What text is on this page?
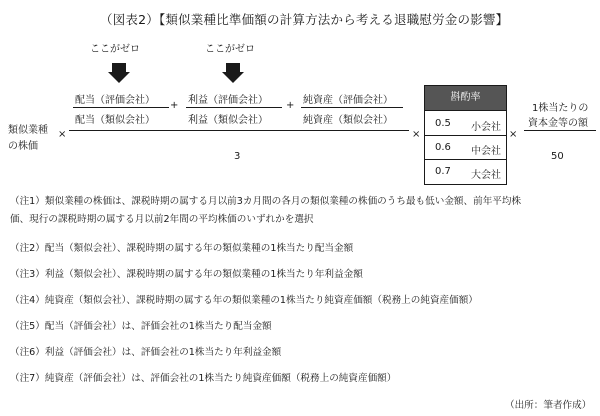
（図表2）【類似業種比準価額の計算方法から考える退職慰労金の影響】
ここがゼロ	ここがゼロ
類似業種
の株価
×
配当（評価会社） + 利益（評価会社） + 純資産（評価会社）
配当（類似会社）	利益（類似会社）	純資産（類似会社）
3
×
斟酌率
0.5 小会社
0.6 中会社
0.7 大会社
×
1株当たりの
資本金等の額
50
（注1）類似業種の株価は、課税時期の属する月以前3カ月間の各月の類似業種の株価のうち最も低い金額、前年平均株
価、現行の課税時期の属する月以前2年間の平均株価のいずれかを選択
（注2）配当（類似会社）、課税時期の属する年の類似業種の1株当たり配当金額
（注3）利益（類似会社）、課税時期の属する年の類似業種の1株当たり年利益金額
（注4）純資産（類似会社）、課税時期の属する年の類似業種の1株当たり純資産価額（税務上の純資産価額）
（注5）配当（評価会社）は、評価会社の1株当たり配当金額
（注6）利益（評価会社）は、評価会社の1株当たり年利益金額
（注7）純資産（評価会社）は、評価会社の1株当たり純資産価額（税務上の純資産価額）
（出所：筆者作成）
